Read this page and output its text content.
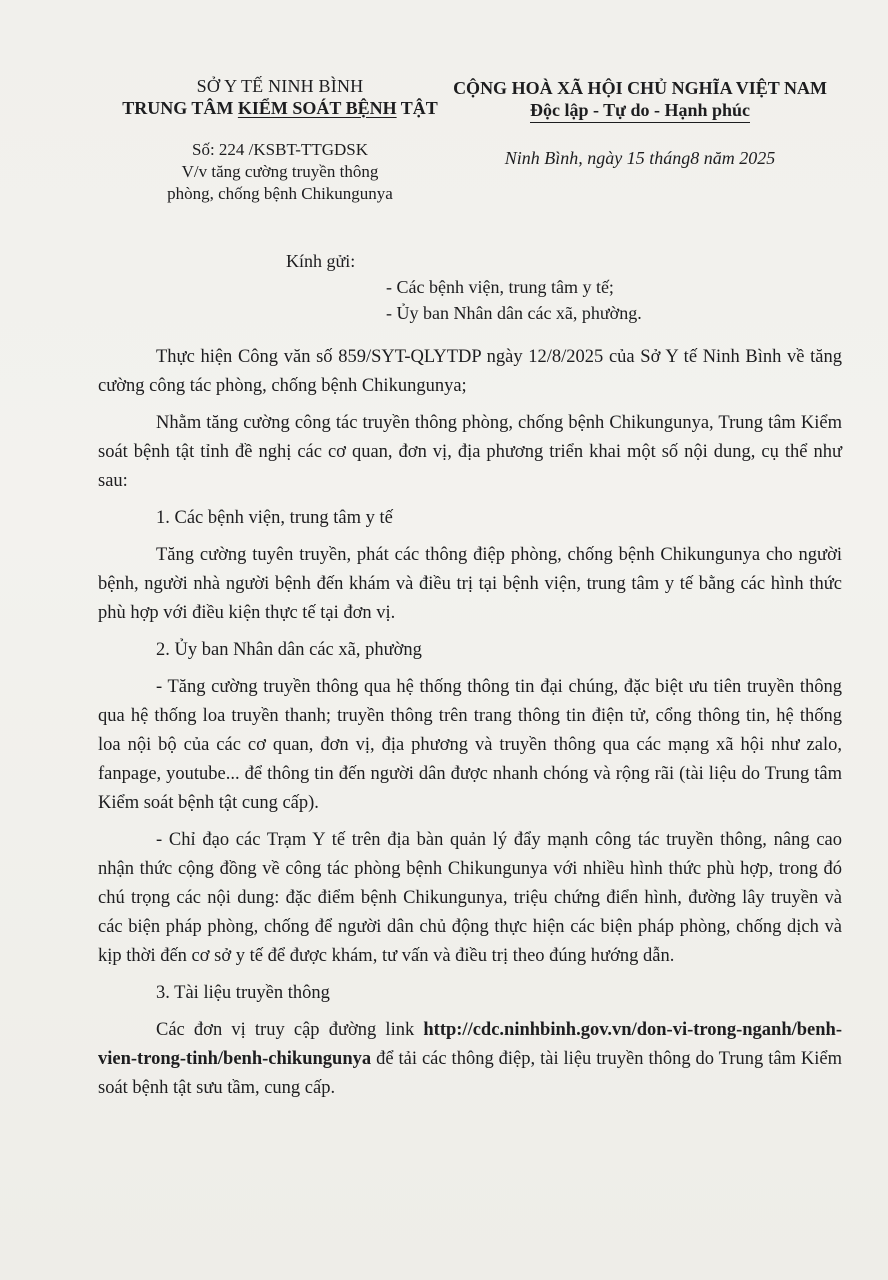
SỞ Y TẾ NINH BÌNH
TRUNG TÂM KIỂM SOÁT BỆNH TẬT
Số: 224 /KSBT-TTGDSK
V/v tăng cường truyền thông
phòng, chống bệnh Chikungunya
CỘNG HOÀ XÃ HỘI CHỦ NGHĨA VIỆT NAM
Độc lập - Tự do - Hạnh phúc
Ninh Bình, ngày 15 tháng8 năm 2025
Kính gửi:
- Các bệnh viện, trung tâm y tế;
- Ủy ban Nhân dân các xã, phường.

Thực hiện Công văn số 859/SYT-QLYTDP ngày 12/8/2025 của Sở Y tế Ninh Bình về tăng cường công tác phòng, chống bệnh Chikungunya;

Nhằm tăng cường công tác truyền thông phòng, chống bệnh Chikungunya, Trung tâm Kiểm soát bệnh tật tỉnh đề nghị các cơ quan, đơn vị, địa phương triển khai một số nội dung, cụ thể như sau:

1. Các bệnh viện, trung tâm y tế

Tăng cường tuyên truyền, phát các thông điệp phòng, chống bệnh Chikungunya cho người bệnh, người nhà người bệnh đến khám và điều trị tại bệnh viện, trung tâm y tế bằng các hình thức phù hợp với điều kiện thực tế tại đơn vị.

2. Ủy ban Nhân dân các xã, phường

- Tăng cường truyền thông qua hệ thống thông tin đại chúng, đặc biệt ưu tiên truyền thông qua hệ thống loa truyền thanh; truyền thông trên trang thông tin điện tử, cổng thông tin, hệ thống loa nội bộ của các cơ quan, đơn vị, địa phương và truyền thông qua các mạng xã hội như zalo, fanpage, youtube... để thông tin đến người dân được nhanh chóng và rộng rãi (tài liệu do Trung tâm Kiểm soát bệnh tật cung cấp).

- Chỉ đạo các Trạm Y tế trên địa bàn quản lý đẩy mạnh công tác truyền thông, nâng cao nhận thức cộng đồng về công tác phòng bệnh Chikungunya với nhiều hình thức phù hợp, trong đó chú trọng các nội dung: đặc điểm bệnh Chikungunya, triệu chứng điển hình, đường lây truyền và các biện pháp phòng, chống để người dân chủ động thực hiện các biện pháp phòng, chống dịch và kịp thời đến cơ sở y tế để được khám, tư vấn và điều trị theo đúng hướng dẫn.

3. Tài liệu truyền thông

Các đơn vị truy cập đường link http://cdc.ninhbinh.gov.vn/don-vi-trong-nganh/benh-vien-trong-tinh/benh-chikungunya để tải các thông điệp, tài liệu truyền thông do Trung tâm Kiểm soát bệnh tật sưu tầm, cung cấp.
